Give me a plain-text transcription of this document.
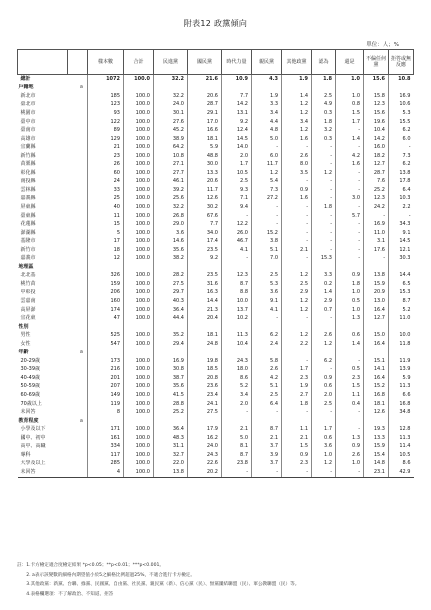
附表12 政黨傾向
單位：人；%
		樣本數	合計	民進黨	國民黨	時代力量	親民黨	其他政黨	認為	還是	不偏任何黨	拒答或無反應
總計		1072	100.0	32.2	21.6	10.9	4.3	1.9	1.8	1.0	15.6	10.8
戶籍地	a											
新北市		185	100.0	32.2	20.6	7.7	1.9	1.4	2.5	1.0	15.8	16.9
臺北市		123	100.0	24.0	28.7	14.2	3.3	1.2	4.9	0.8	12.3	10.6
桃園市		93	100.0	30.1	29.1	13.1	3.4	1.2	0.3	1.5	15.6	5.3
臺中市		122	100.0	27.6	17.0	9.2	4.4	3.4	1.8	1.7	19.6	15.5
臺南市		89	100.0	45.2	16.6	12.4	4.8	1.2	3.2	-	10.4	6.2
高雄市		129	100.0	38.9	18.1	14.5	5.0	1.6	0.3	1.4	14.2	6.0
宜蘭縣		21	100.0	64.2	5.9	14.0	-	-	-	-	16.0	-
新竹縣		23	100.0	10.8	48.8	2.0	6.0	2.6	-	4.2	18.2	7.3
苗栗縣		26	100.0	27.1	30.0	1.7	11.7	8.0	-	1.6	12.7	6.2
彰化縣		60	100.0	27.7	13.3	10.5	1.2	3.5	1.2	-	28.7	13.8
南投縣		24	100.0	46.1	20.6	2.5	5.4	-	-	-	7.6	17.8
雲林縣		33	100.0	39.2	11.7	9.3	7.3	0.9	-	-	25.2	6.4
嘉義縣		25	100.0	25.6	12.6	7.1	27.2	1.6	-	3.0	12.3	10.3
屏東縣		40	100.0	32.2	30.2	9.4	-	-	1.8	-	24.2	2.2
臺東縣		11	100.0	26.8	67.6	-	-	-	-	5.7	-	-
花蓮縣		15	100.0	29.0	7.7	12.2	-	-	-	-	16.9	34.3
澎湖縣		5	100.0	3.6	34.0	26.0	15.2	-	-	-	11.0	9.1
基隆市		17	100.0	14.6	17.4	46.7	3.8	-	-	-	3.1	14.5
新竹市		18	100.0	35.6	23.5	4.1	5.1	2.1	-	-	17.6	12.1
嘉義市		12	100.0	38.2	9.2	-	7.0	-	15.3	-	-	30.3
地理區												
北北基		326	100.0	28.2	23.5	12.3	2.5	1.2	3.3	0.9	13.8	14.4
桃竹苗		159	100.0	27.5	31.6	8.7	5.3	2.5	0.2	1.8	15.9	6.5
中彰投		206	100.0	29.7	16.3	8.8	3.6	2.9	1.4	1.0	20.9	15.3
雲嘉南		160	100.0	40.3	14.4	10.0	9.1	1.2	2.9	0.5	13.0	8.7
高屏澎		174	100.0	36.4	21.3	13.7	4.1	1.2	0.7	1.0	16.4	5.2
宜花東		47	100.0	44.4	20.4	10.2	-	-	-	1.3	12.7	11.0
性別												
男性		525	100.0	35.2	18.1	11.3	6.2	1.2	2.6	0.6	15.0	10.0
女性		547	100.0	29.4	24.8	10.4	2.4	2.2	1.2	1.4	16.4	11.8
年齡	a											
20-29歲		173	100.0	16.9	19.8	24.3	5.8	-	6.2	-	15.1	11.9
30-39歲		216	100.0	30.8	18.5	18.0	2.6	1.7	-	0.5	14.1	13.9
40-49歲		201	100.0	38.7	20.8	8.6	4.2	2.3	0.9	2.3	16.4	5.9
50-59歲		207	100.0	35.6	23.6	5.2	5.1	1.9	0.6	1.5	15.2	11.3
60-69歲		149	100.0	41.5	23.4	3.4	2.5	2.7	2.0	1.1	16.8	6.6
70歲以上		119	100.0	28.8	24.1	2.0	6.4	1.8	2.5	0.4	18.1	16.8
未回答		8	100.0	25.2	27.5	-	-	-	-	-	12.6	34.8
教育程度	a											
小學及以下		171	100.0	36.4	17.9	2.1	8.7	1.1	1.7	-	19.3	12.8
國中、初中		161	100.0	48.3	16.2	5.0	2.1	2.1	0.6	1.3	13.3	11.3
高中、高職		334	100.0	31.1	24.0	8.1	3.7	1.5	3.6	0.9	15.9	11.4
專科		117	100.0	32.7	24.3	8.7	3.9	0.9	1.0	2.6	15.4	10.5
大學及以上		285	100.0	22.0	22.6	23.8	3.7	2.3	1.2	1.0	14.8	8.6
未回答		4	100.0	13.8	20.2	-	-	-	-	-	23.1	42.9
註：1.卡方檢定適合度檢定結果 *p<0.05；**p<0.01；***p<0.001。
　　2. a表示該變數的細格內期望值小於5之細格比例超過25%，不適合進行卡方檢定。
　　3.其他政黨：新黨、台聯、綠黨、民國黨、自由黨、社民黨、親民黨（新）、信心黨（民）、無黨團結聯盟（民）、軍公教聯盟（民）等。
　　4.表格欄選項：不了解政治、不知道、拒答
